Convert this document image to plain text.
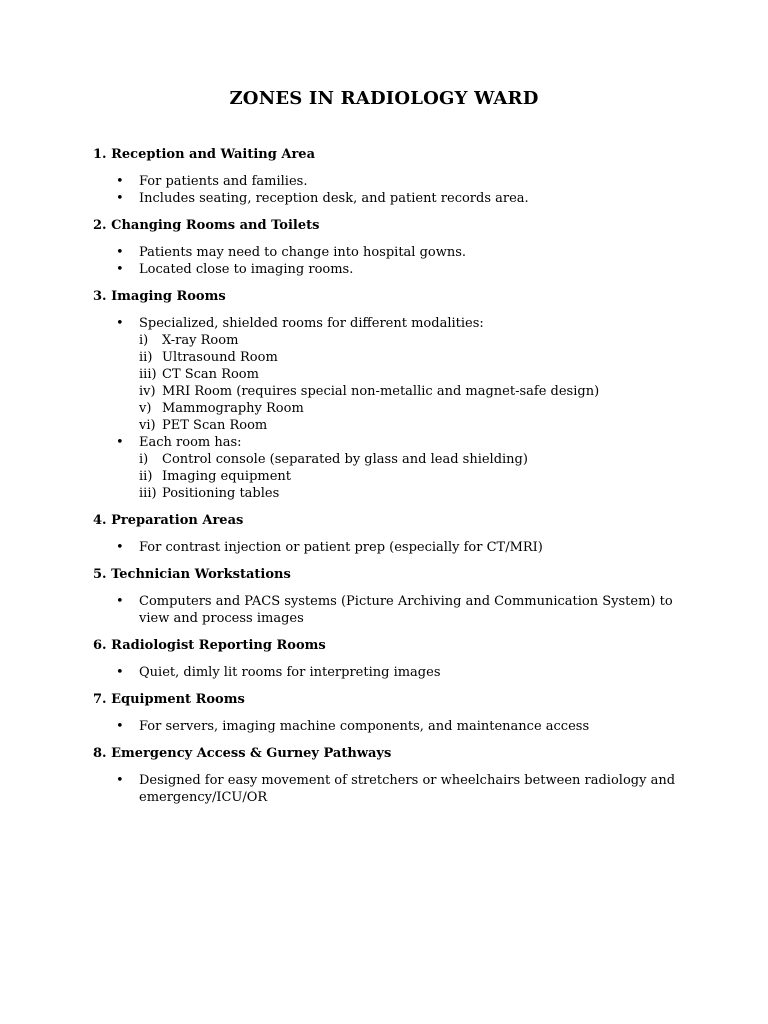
ZONES IN RADIOLOGY WARD

1. Reception and Waiting Area

• For patients and families.
• Includes seating, reception desk, and patient records area.

2. Changing Rooms and Toilets

• Patients may need to change into hospital gowns.
• Located close to imaging rooms.

3. Imaging Rooms

• Specialized, shielded rooms for different modalities:
i) X-ray Room
ii) Ultrasound Room
iii) CT Scan Room
iv) MRI Room (requires special non-metallic and magnet-safe design)
v) Mammography Room
vi) PET Scan Room
• Each room has:
i) Control console (separated by glass and lead shielding)
ii) Imaging equipment
iii) Positioning tables

4. Preparation Areas

• For contrast injection or patient prep (especially for CT/MRI)

5. Technician Workstations

• Computers and PACS systems (Picture Archiving and Communication System) to view and process images

6. Radiologist Reporting Rooms

• Quiet, dimly lit rooms for interpreting images

7. Equipment Rooms

• For servers, imaging machine components, and maintenance access

8. Emergency Access & Gurney Pathways

• Designed for easy movement of stretchers or wheelchairs between radiology and emergency/ICU/OR
